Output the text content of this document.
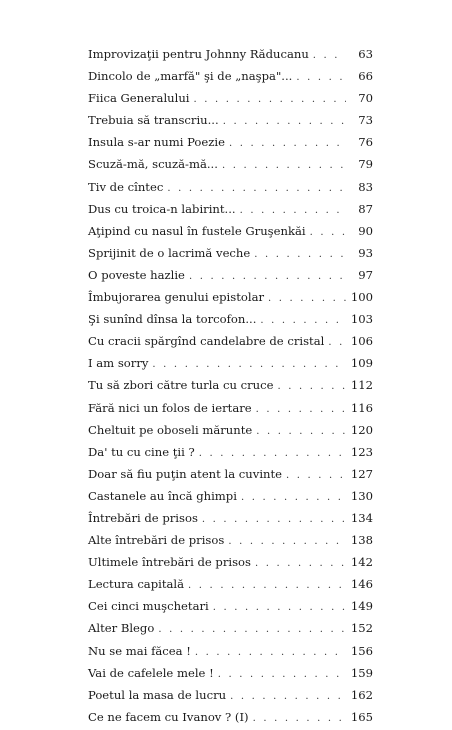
Improvizaţii pentru Johnny Răducanu . . .	63
Dincolo de „marfă" şi de „naşpa"... . . .	66
Fiica Generalului . . .	70
Trebuia să transcriu... . . .	73
Insula s-ar numi Poezie . . .	76
Scuză-mă, scuză-mă... . . .	79
Tiv de cîntec . . .	83
Dus cu troica-n labirint... . . .	87
Aţipind cu nasul în fustele Gruşenkăi . . .	90
Sprijinit de o lacrimă veche . . .	93
O poveste hazlie . . .	97
Îmbujorarea genului epistolar . . .	100
Şi sunînd dînsa la torcofon... . . .	103
Cu cracii spărgînd candelabre de cristal . . .	106
I am sorry . . .	109
Tu să zbori către turla cu cruce . . .	112
Fără nici un folos de iertare . . .	116
Cheltuit pe oboseli mărunte . . .	120
Da' tu cu cine ţii ? . . .	123
Doar să fiu puţin atent la cuvinte . . .	127
Castanele au încă ghimpi . . .	130
Întrebări de prisos . . .	134
Alte întrebări de prisos . . .	138
Ultimele întrebări de prisos . . .	142
Lectura capitală . . .	146
Cei cinci muşchetari . . .	149
Alter Blego . . .	152
Nu se mai făcea ! . . .	156
Vai de cafelele mele ! . . .	159
Poetul la masa de lucru . . .	162
Ce ne facem cu Ivanov ? (I) . . .	165
